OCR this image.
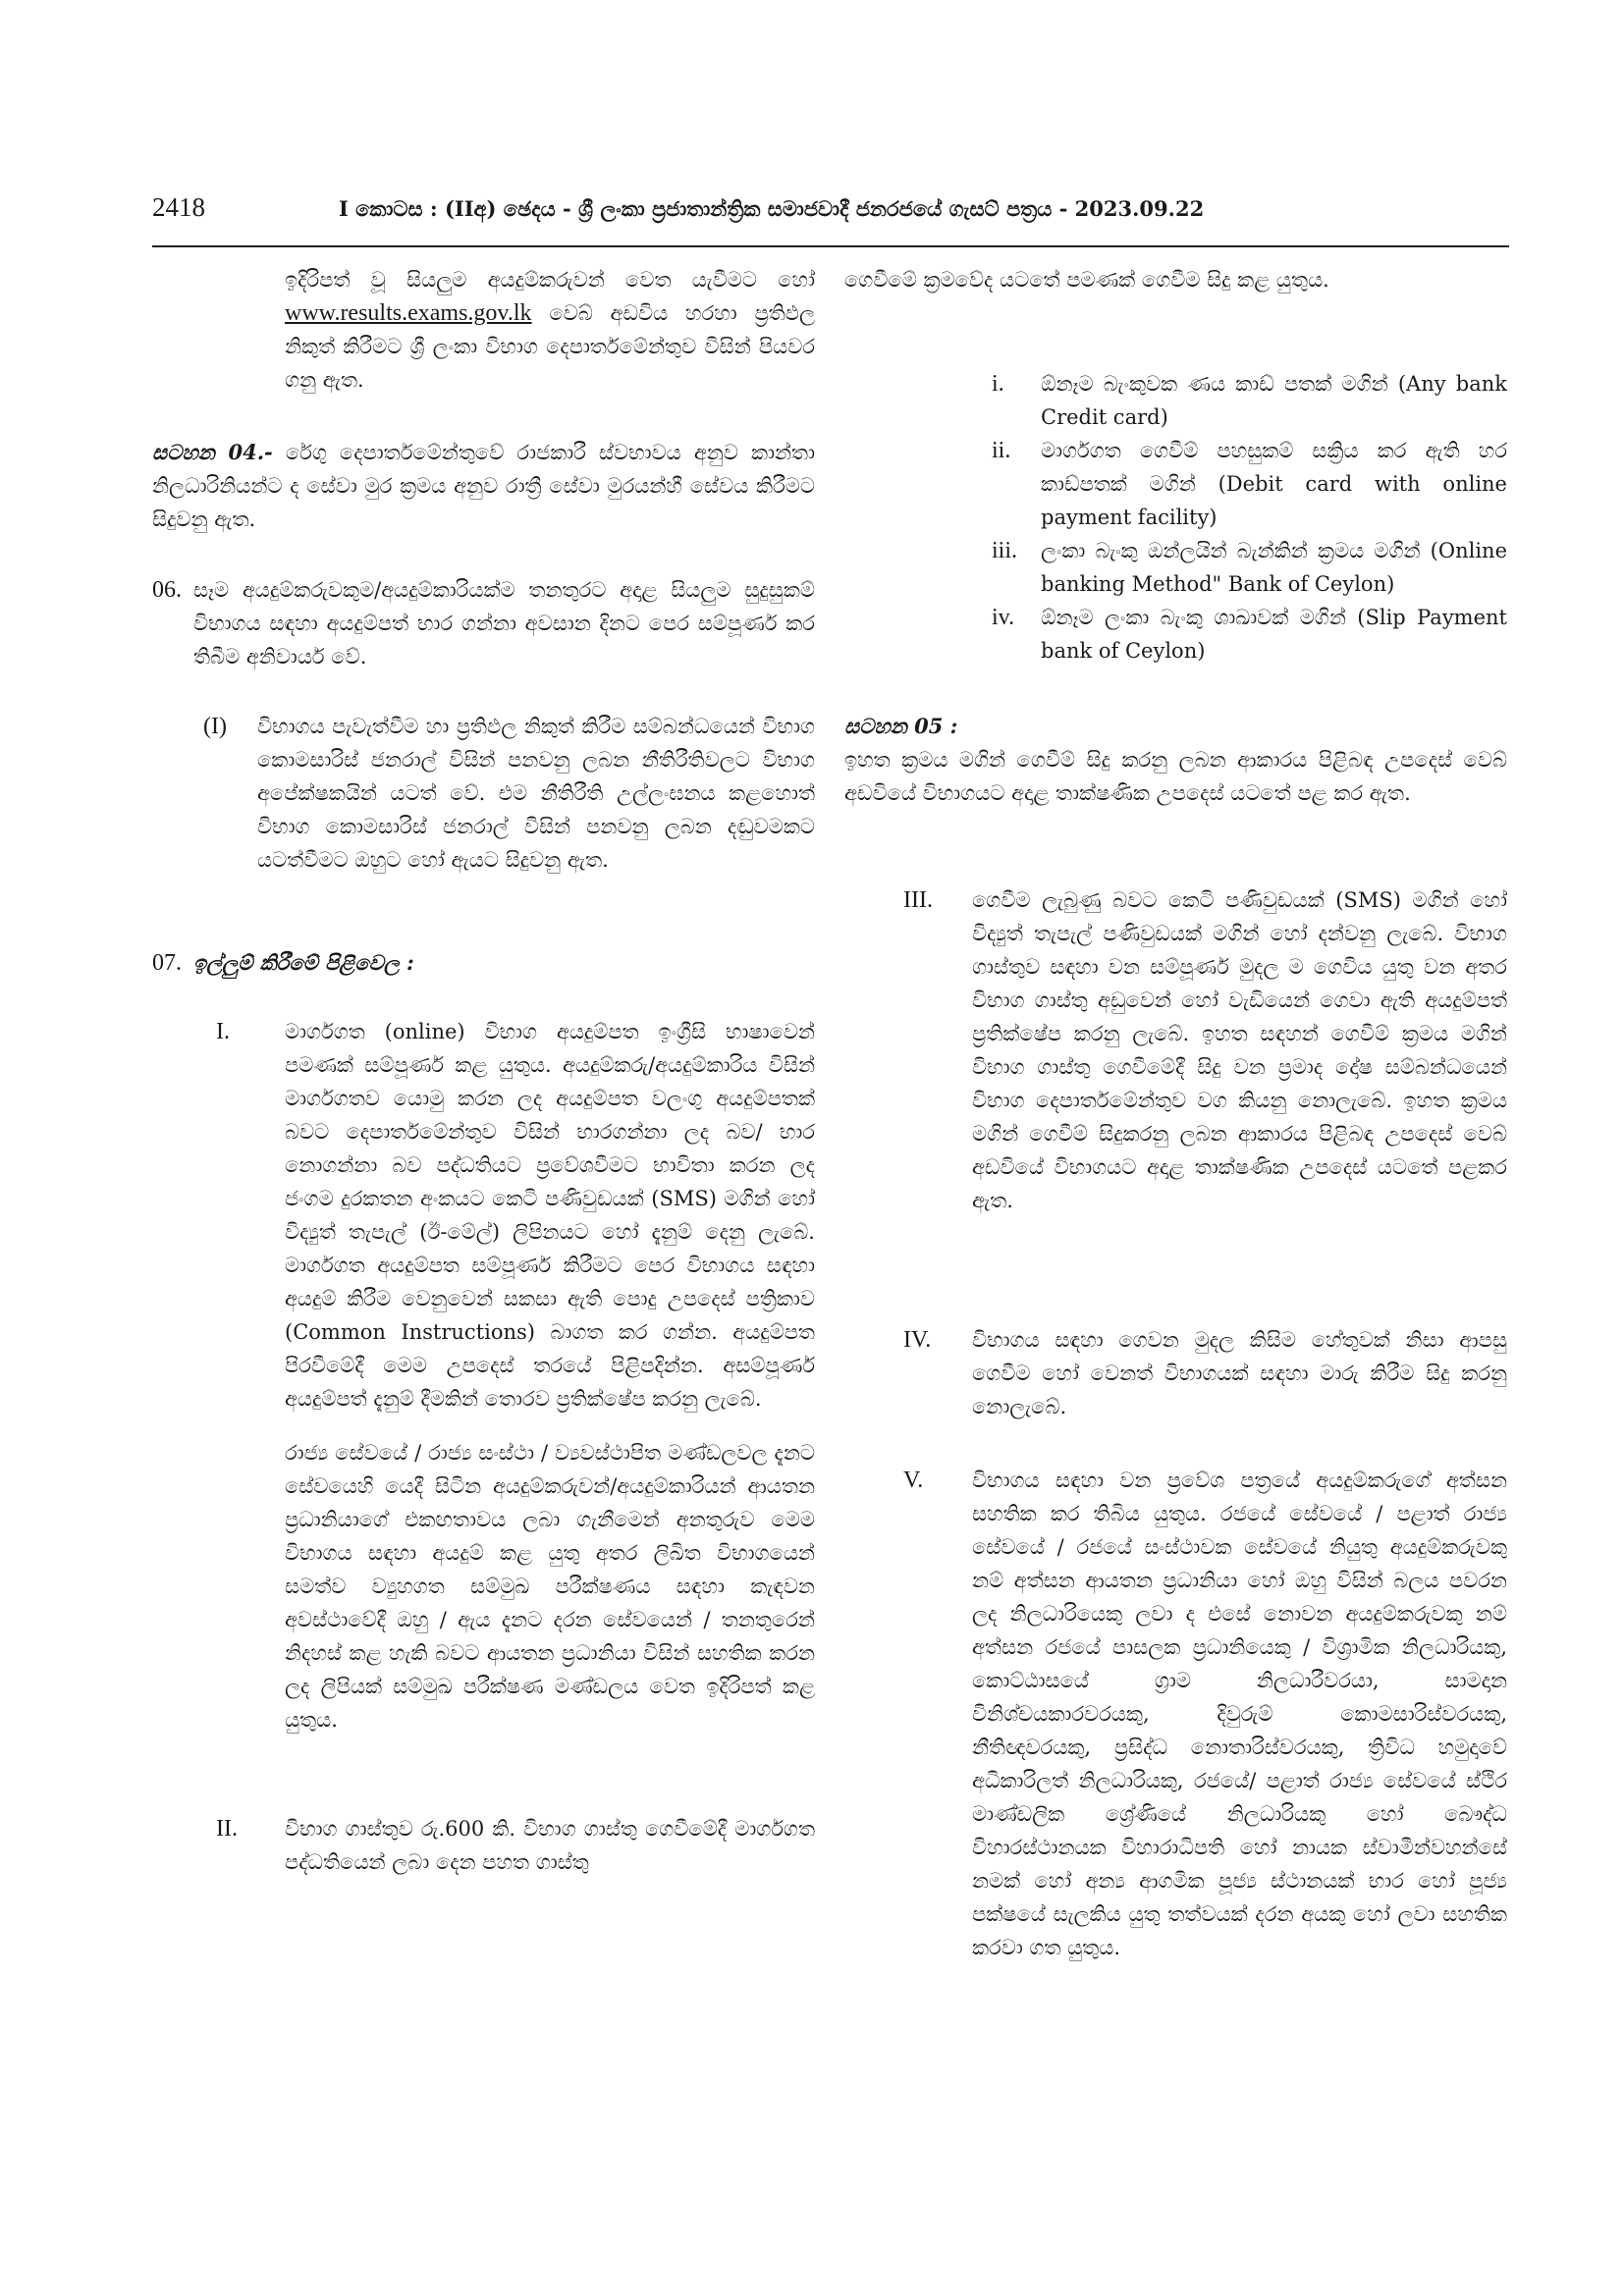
2418	I කොටස : (IIඅ) ඡෙදය - ශ්‍රී ලංකා ප්‍රජාතාන්ත්‍රික සමාජවාදී ජනරජයේ ගැසට් පත්‍රය - 2023.09.22
ඉදිරිපත් වූ සියලුම අයදුම්කරුවන් වෙත යැවීමට හෝ www.results.exams.gov.lk වෙබ් අඩවිය හරහා ප්‍රතිඵල නිකුත් කිරීමට ශ්‍රී ලංකා විභාග දෙපාර්තමේන්තුව විසින් පියවර ගනු ඇත.
සටහන 04.- රේගු දෙපාර්තමේන්තුවේ රාජකාරී ස්වභාවය අනුව කාන්තා නිලධාරිනියන්ට ද සේවා මුර ක්‍රමය අනුව රාත්‍රී සේවා මුරයන්හී සේවය කිරීමට සිදුවනු ඇත.
06. සෑම අයදුම්කරුවකුම/අයදුම්කාරියක්ම තනතුරට අදාළ සියලුම සුදුසුකම් විභාගය සඳහා අයදුම්පත් භාර ගන්නා අවසාන දිනට පෙර සම්පූර්ණ කර තිබීම අනිවාර්ය වේ.
(I) විභාගය පැවැත්වීම හා ප්‍රතිඵල නිකුත් කිරීම සම්බන්ධයෙන් විභාග කොමසාරිස් ජනරාල් විසින් පනවනු ලබන නීතිරීතිවලට විභාග අපේක්ෂකයින් යටත් වේ. එම නීතිරීති උල්ලංඝනය කළහොත් විභාග කොමසාරිස් ජනරාල් විසින් පනවනු ලබන දඬුවමකට යටත්වීමට ඔහුට හෝ ඇයට සිදුවනු ඇත.
07. ඉල්ලුම් කිරීමේ පිළිවෙල :
I.	මාර්ගගත (online) විභාග අයදුම්පත ඉංග්‍රීසි භාෂාවෙන් පමණක් සම්පූර්ණ කළ යුතුය. අයදුම්කරු/අයදුම්කාරිය විසින් මාර්ගගතව යොමු කරන ලද අයදුම්පත වලංගු අයදුම්පතක් බවට දෙපාර්තමේන්තුව විසින් භාරගන්නා ලද බව/ භාර නොගන්නා බව පද්ධතියට ප්‍රවේශවීමට භාවිතා කරන ලද ජංගම දුරකතන අංකයට කෙටි පණිවුඩයක් (SMS) මගින් හෝ විද්‍යුත් තැපැල් (ඊ-මේල්) ලිපිනයට හෝ දැනුම් දෙනු ලැබේ. මාර්ගගත අයදුම්පත සම්පූර්ණ කිරීමට පෙර විභාගය සඳහා අයදුම් කිරීම වෙනුවෙන් සකසා ඇති පොදු උපදෙස් පත්‍රිකාව (Common Instructions) බාගත කර ගන්න. අයදුම්පත පිරවීමේදී මෙම උපදෙස් තරයේ පිළිපදින්න. අසම්පූර්ණ අයදුම්පත් දැනුම් දීමකින් තොරව ප්‍රතික්ෂේප කරනු ලැබේ.
රාජ්‍ය සේවයේ / රාජ්‍ය සංස්ථා / ව්‍යවස්ථාපිත මණ්ඩලවල දැනට සේවයෙහි යෙදී සිටින අයදුම්කරුවන්/අයදුම්කාරියන් ආයතන ප්‍රධානියාගේ එකඟතාවය ලබා ගැනීමෙන් අනතුරුව මෙම විභාගය සඳහා අයදුම් කළ යුතු අතර ලිඛිත විභාගයෙන් සමත්ව ව්‍යුහගත සම්මුඛ පරීක්ෂණය සඳහා කැඳවන අවස්ථාවේදී ඔහු / ඇය දැනට දරන සේවයෙන් / තනතුරෙන් නිදහස් කළ හැකි බවට ආයතන ප්‍රධානියා විසින් සහතික කරන ලද ලිපියක් සම්මුඛ පරීක්ෂණ මණ්ඩලය වෙත ඉදිරිපත් කළ යුතුය.
II. විභාග ගාස්තුව රු.600 කි. විභාග ගාස්තු ගෙවීමේදී මාර්ගගත පද්ධතියෙන් ලබා දෙන පහත ගාස්තු
ගෙවීමේ ක්‍රමවේද යටතේ පමණක් ගෙවීම සිදු කළ යුතුය.
i. ඕනෑම බැංකුවක ණය කාඩ් පතක් මගින් (Any bank Credit card)
ii. මාර්ගගත ගෙවීම් පහසුකම් සක්‍රිය කර ඇති හර කාඩ්පතක් මගින් (Debit card with online payment facility)
iii. ලංකා බැංකු ඔන්ලයින් බැන්කින් ක්‍රමය මගින් (Online banking Method" Bank of Ceylon)
iv. ඕනෑම ලංකා බැංකු ශාඛාවක් මගින් (Slip Payment bank of Ceylon)
සටහන 05 :
ඉහත ක්‍රමය මගින් ගෙවීම් සිදු කරනු ලබන ආකාරය පිළිබඳ උපදෙස් වෙබ් අඩවියේ විභාගයට අදාළ තාක්ෂණික උපදෙස් යටතේ පළ කර ඇත.
III. ගෙවීම ලැබුණු බවට කෙටි පණිවුඩයක් (SMS) මගින් හෝ විද්‍යුත් තැපැල් පණිවුඩයක් මගින් හෝ දන්වනු ලැබේ. විභාග ගාස්තුව සඳහා වන සම්පූර්ණ මුදල ම ගෙවිය යුතු වන අතර විභාග ගාස්තු අඩුවෙන් හෝ වැඩියෙන් ගෙවා ඇති අයදුම්පත් ප්‍රතික්ෂේප කරනු ලැබේ. ඉහත සඳහන් ගෙවීම් ක්‍රමය මගින් විභාග ගාස්තු ගෙවීමේදී සිදු වන ප්‍රමාද දෝෂ සම්බන්ධයෙන් විභාග දෙපාර්තමේන්තුව වග කියනු නොලැබේ. ඉහත ක්‍රමය මගින් ගෙවීම් සිදුකරනු ලබන ආකාරය පිළිබඳ උපදෙස් වෙබ් අඩවියේ විභාගයට අදාළ තාක්ෂණික උපදෙස් යටතේ පළකර ඇත.
IV. විභාගය සඳහා ගෙවන මුදල කිසිම හේතුවක් නිසා ආපසු ගෙවීම හෝ වෙනත් විභාගයක් සඳහා මාරු කිරීම සිදු කරනු නොලැබේ.
V. විභාගය සඳහා වන ප්‍රවේශ පත්‍රයේ අයදුම්කරුගේ අත්සන සහතික කර තිබිය යුතුය. රජයේ සේවයේ / පළාත් රාජ්‍ය සේවයේ / රජයේ සංස්ථාවක සේවයේ නියුතු අයදුම්කරුවකු නම් අත්සන ආයතන ප්‍රධානියා හෝ ඔහු විසින් බලය පවරන ලද නිලධාරියෙකු ලවා ද එසේ නොවන අයදුම්කරුවකු නම් අත්සන රජයේ පාසලක ප්‍රධානියෙකු / විශ්‍රාමික නිලධාරියකු, කොට්ඨාසයේ ග්‍රාම නිලධාරීවරයා, සාමදාන විනිශ්චයකාරවරයකු, දිවුරුම් කොමසාරිස්වරයකු, නීතිඥවරයකු, ප්‍රසිද්ධ නොතාරිස්වරයකු, ත්‍රිවිධ හමුදාවේ අධිකාරිලත් නිලධාරියකු, රජයේ/ පළාත් රාජ්‍ය සේවයේ ස්ථිර මාණ්ඩලික ශ්‍රේණියේ නිලධාරියකු හෝ බෞද්ධ විහාරස්ථානයක විහාරාධිපති හෝ නායක ස්වාමීන්වහන්සේ නමක් හෝ අන්‍ය ආගමික පූජ්‍ය ස්ථානයක් භාර හෝ පූජ්‍ය පක්ෂයේ සැලකිය යුතු තත්වයක් දරන අයකු හෝ ලවා සහතික කරවා ගත යුතුය.
